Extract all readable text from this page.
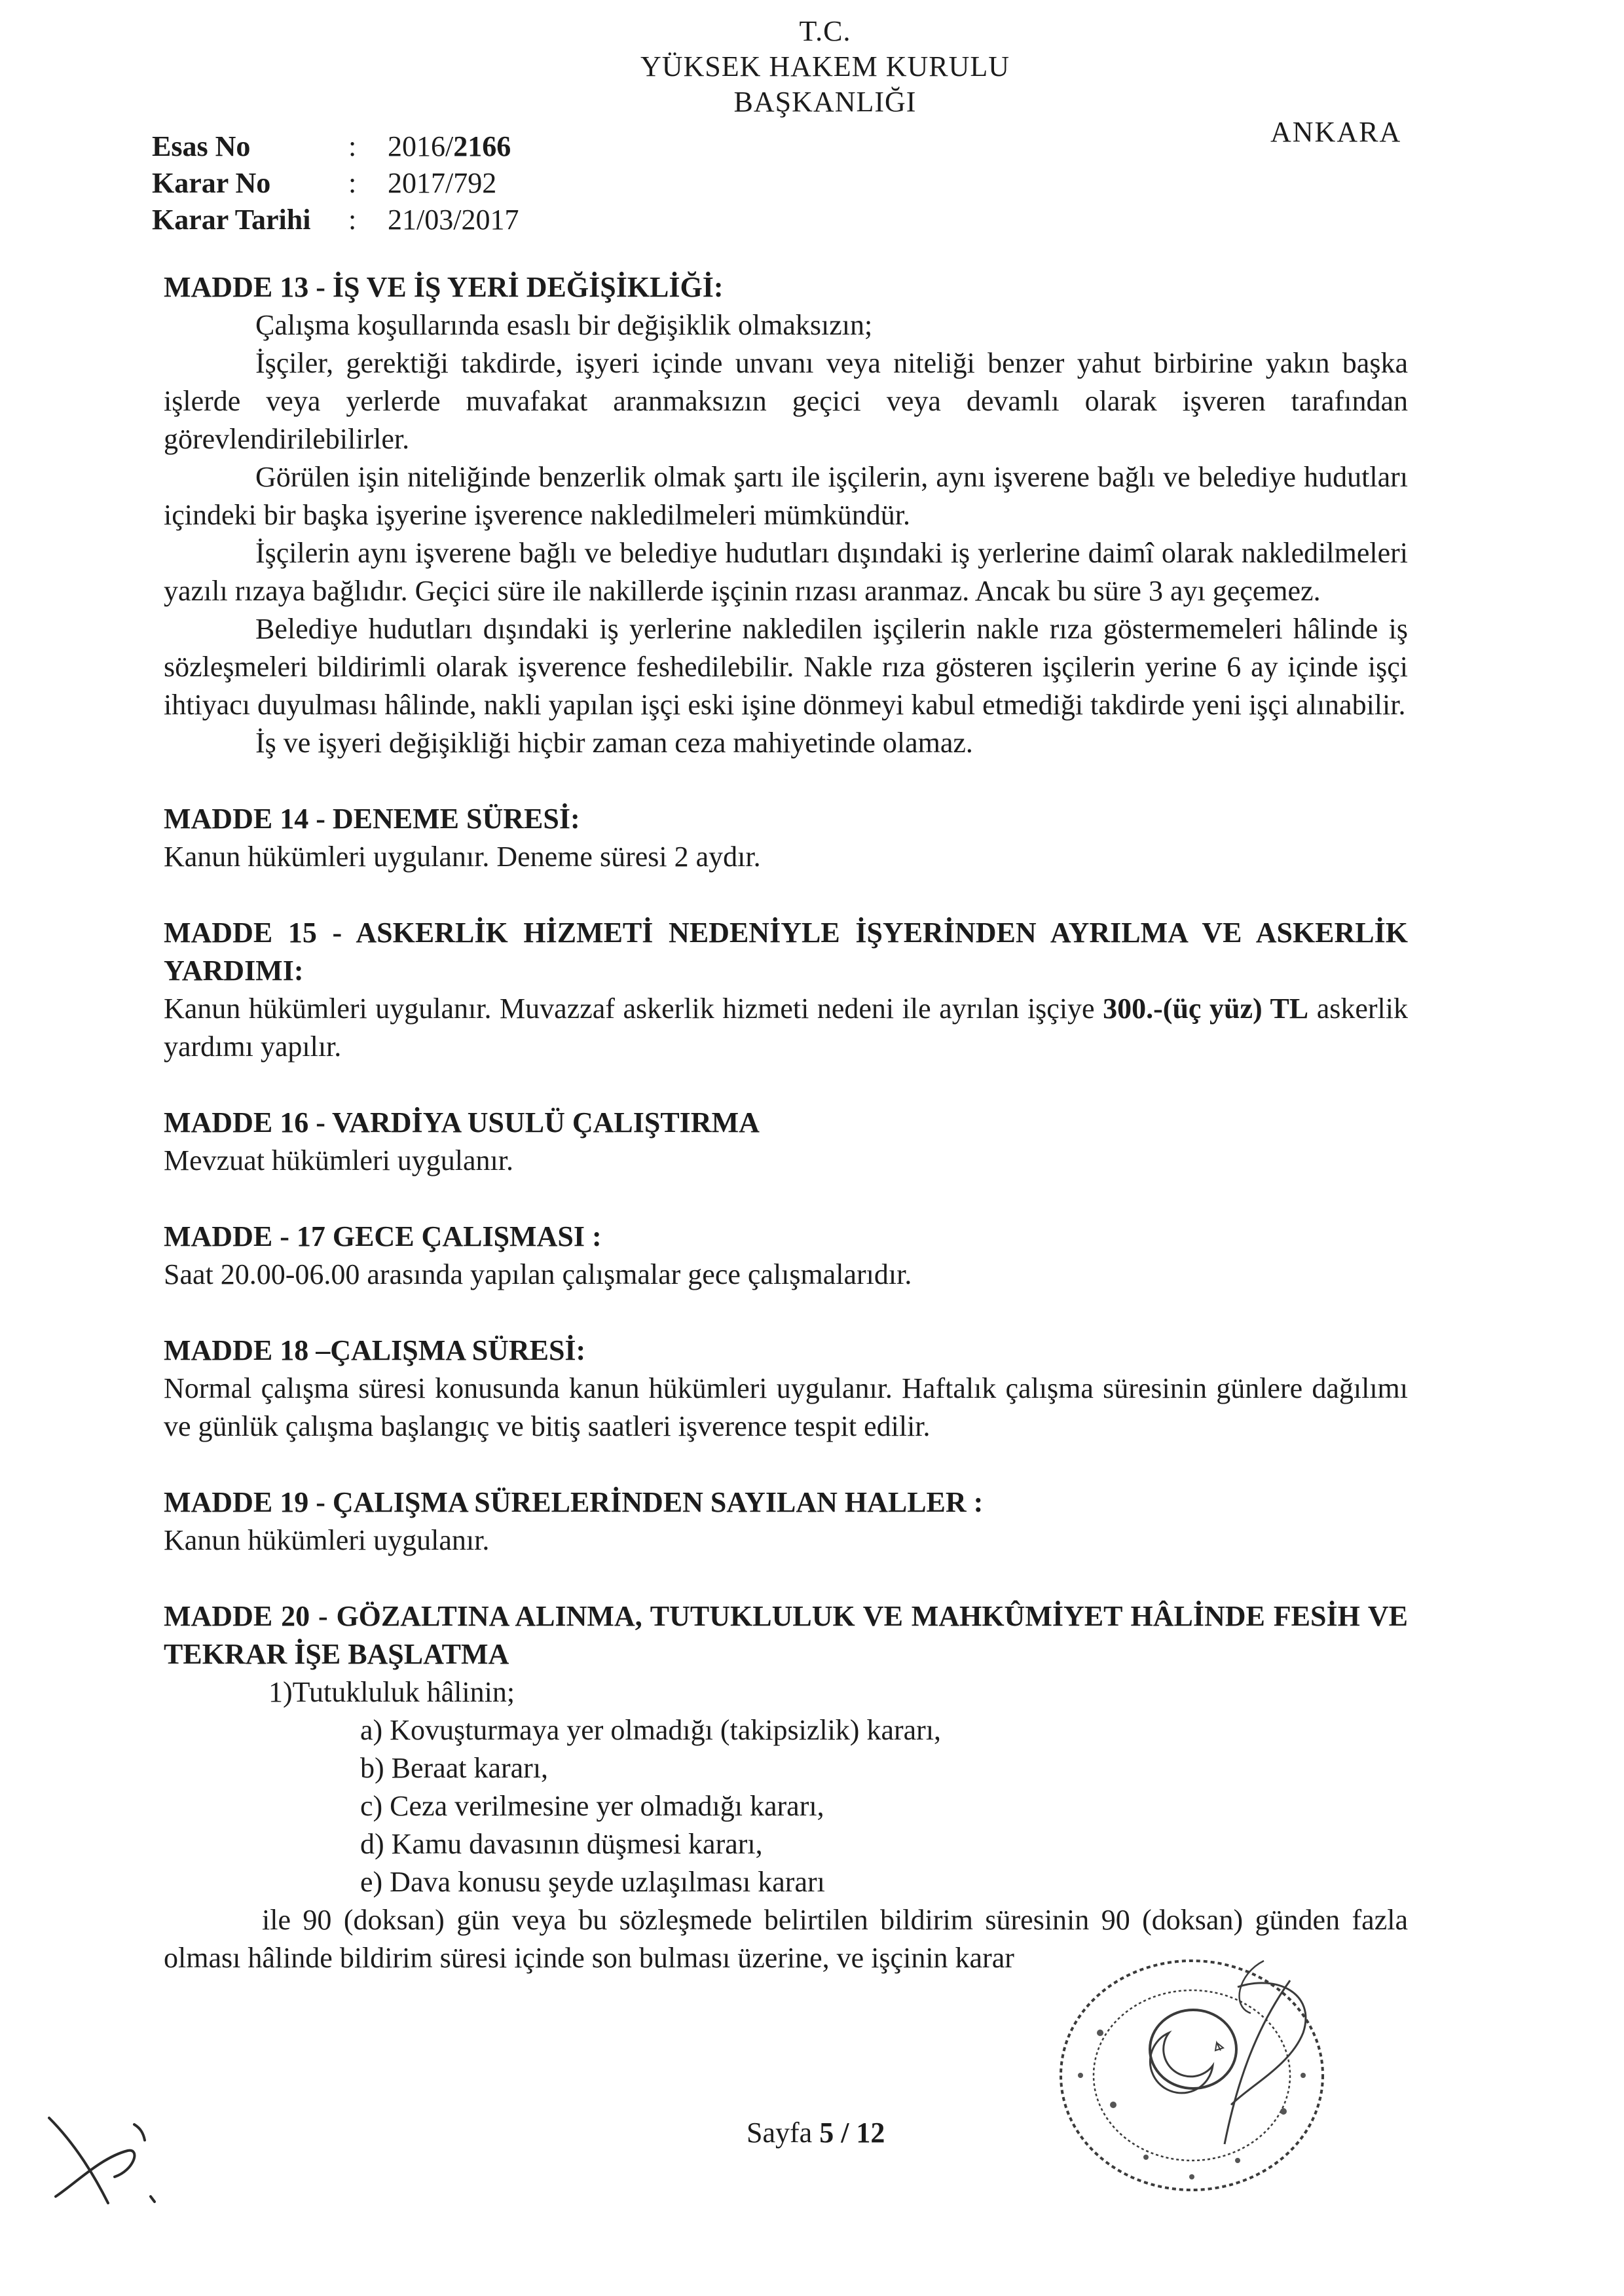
T.C.
YÜKSEK HAKEM KURULU
BAŞKANLIĞI
ANKARA
Esas No	:	2016/2166
Karar No	:	2017/792
Karar Tarihi	:	21/03/2017

MADDE 13 - İŞ VE İŞ YERİ DEĞİŞİKLİĞİ:

Çalışma koşullarında esaslı bir değişiklik olmaksızın;

İşçiler, gerektiği takdirde, işyeri içinde unvanı veya niteliği benzer yahut birbirine yakın başka işlerde veya yerlerde muvafakat aranmaksızın geçici veya devamlı olarak işveren tarafından görevlendirilebilirler.

Görülen işin niteliğinde benzerlik olmak şartı ile işçilerin, aynı işverene bağlı ve belediye hudutları içindeki bir başka işyerine işverence nakledilmeleri mümkündür.

İşçilerin aynı işverene bağlı ve belediye hudutları dışındaki iş yerlerine daimî olarak nakledilmeleri yazılı rızaya bağlıdır. Geçici süre ile nakillerde işçinin rızası aranmaz. Ancak bu süre 3 ayı geçemez.

Belediye hudutları dışındaki iş yerlerine nakledilen işçilerin nakle rıza göstermemeleri hâlinde iş sözleşmeleri bildirimli olarak işverence feshedilebilir. Nakle rıza gösteren işçilerin yerine 6 ay içinde işçi ihtiyacı duyulması hâlinde, nakli yapılan işçi eski işine dönmeyi kabul etmediği takdirde yeni işçi alınabilir.

İş ve işyeri değişikliği hiçbir zaman ceza mahiyetinde olamaz.

MADDE 14 - DENEME SÜRESİ:

Kanun hükümleri uygulanır. Deneme süresi 2 aydır.

MADDE 15 - ASKERLİK HİZMETİ NEDENİYLE İŞYERİNDEN AYRILMA VE ASKERLİK YARDIMI:

Kanun hükümleri uygulanır. Muvazzaf askerlik hizmeti nedeni ile ayrılan işçiye 300.-(üç yüz) TL askerlik yardımı yapılır.

MADDE 16 - VARDİYA USULÜ ÇALIŞTIRMA

Mevzuat hükümleri uygulanır.

MADDE - 17 GECE ÇALIŞMASI :

Saat 20.00-06.00 arasında yapılan çalışmalar gece çalışmalarıdır.

MADDE 18 –ÇALIŞMA SÜRESİ:

Normal çalışma süresi konusunda kanun hükümleri uygulanır. Haftalık çalışma süresinin günlere dağılımı ve günlük çalışma başlangıç ve bitiş saatleri işverence tespit edilir.

MADDE 19 - ÇALIŞMA SÜRELERİNDEN SAYILAN HALLER :

Kanun hükümleri uygulanır.

MADDE 20 - GÖZALTINA ALINMA, TUTUKLULUK VE MAHKÛMİYET HÂLİNDE FESİH VE TEKRAR İŞE BAŞLATMA

1)Tutukluluk hâlinin;

a) Kovuşturmaya yer olmadığı (takipsizlik) kararı,

b) Beraat kararı,

c) Ceza verilmesine yer olmadığı kararı,

d) Kamu davasının düşmesi kararı,

e) Dava konusu şeyde uzlaşılması kararı

ile 90 (doksan) gün veya bu sözleşmede belirtilen bildirim süresinin 90 (doksan) günden fazla olması hâlinde bildirim süresi içinde son bulması üzerine, ve işçinin karar

Sayfa 5 / 12
